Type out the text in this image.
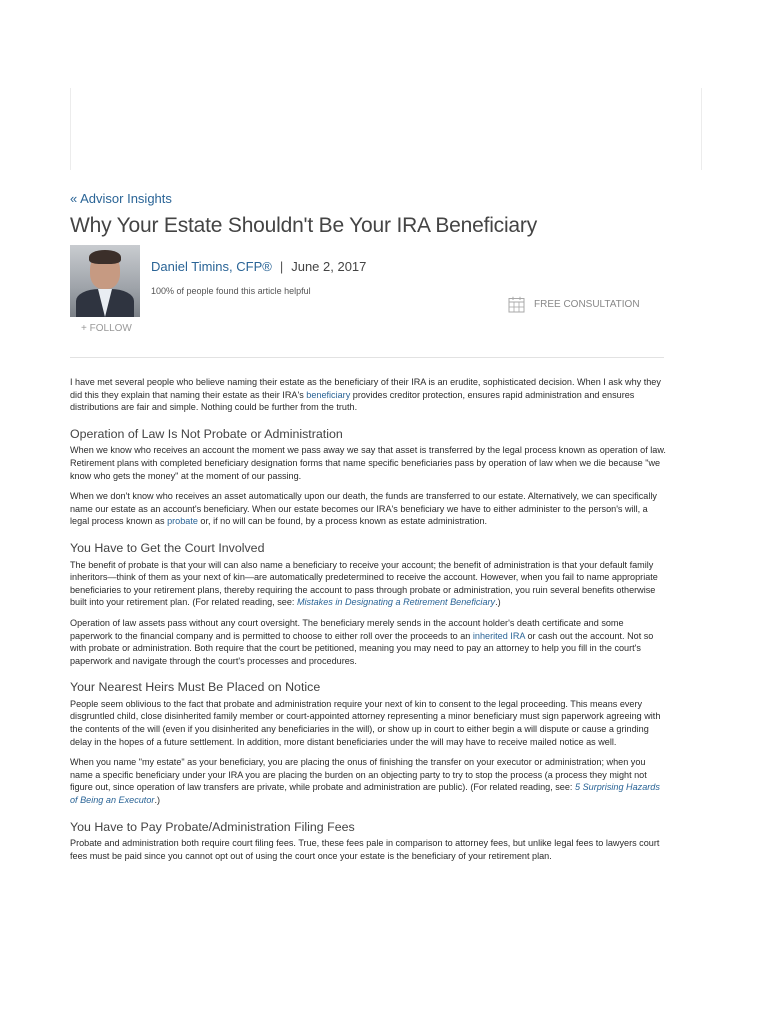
« Advisor Insights
Why Your Estate Shouldn't Be Your IRA Beneficiary
Daniel Timins, CFP® | June 2, 2017
100% of people found this article helpful
FREE CONSULTATION
+ FOLLOW

I have met several people who believe naming their estate as the beneficiary of their IRA is an erudite, sophisticated decision. When I ask why they did this they explain that naming their estate as their IRA's beneficiary provides creditor protection, ensures rapid administration and ensures distributions are fair and simple. Nothing could be further from the truth.

Operation of Law Is Not Probate or Administration

When we know who receives an account the moment we pass away we say that asset is transferred by the legal process known as operation of law. Retirement plans with completed beneficiary designation forms that name specific beneficiaries pass by operation of law when we die because "we know who gets the money" at the moment of our passing.

When we don't know who receives an asset automatically upon our death, the funds are transferred to our estate. Alternatively, we can specifically name our estate as an account's beneficiary. When our estate becomes our IRA's beneficiary we have to either administer to the person's will, a legal process known as probate or, if no will can be found, by a process known as estate administration.

You Have to Get the Court Involved

The benefit of probate is that your will can also name a beneficiary to receive your account; the benefit of administration is that your default family inheritors—think of them as your next of kin—are automatically predetermined to receive the account. However, when you fail to name appropriate beneficiaries to your retirement plans, thereby requiring the account to pass through probate or administration, you ruin several benefits otherwise built into your retirement plan. (For related reading, see: Mistakes in Designating a Retirement Beneficiary.)

Operation of law assets pass without any court oversight. The beneficiary merely sends in the account holder's death certificate and some paperwork to the financial company and is permitted to choose to either roll over the proceeds to an inherited IRA or cash out the account. Not so with probate or administration. Both require that the court be petitioned, meaning you may need to pay an attorney to help you fill in the court's paperwork and navigate through the court's processes and procedures.

Your Nearest Heirs Must Be Placed on Notice

People seem oblivious to the fact that probate and administration require your next of kin to consent to the legal proceeding. This means every disgruntled child, close disinherited family member or court-appointed attorney representing a minor beneficiary must sign paperwork agreeing with the contents of the will (even if you disinherited any beneficiaries in the will), or show up in court to either begin a will dispute or cause a grinding delay in the hopes of a future settlement. In addition, more distant beneficiaries under the will may have to receive mailed notice as well.

When you name "my estate" as your beneficiary, you are placing the onus of finishing the transfer on your executor or administration; when you name a specific beneficiary under your IRA you are placing the burden on an objecting party to try to stop the process (a process they might not figure out, since operation of law transfers are private, while probate and administration are public). (For related reading, see: 5 Surprising Hazards of Being an Executor.)

You Have to Pay Probate/Administration Filing Fees

Probate and administration both require court filing fees. True, these fees pale in comparison to attorney fees, but unlike legal fees to lawyers court fees must be paid since you cannot opt out of using the court once your estate is the beneficiary of your retirement plan.
